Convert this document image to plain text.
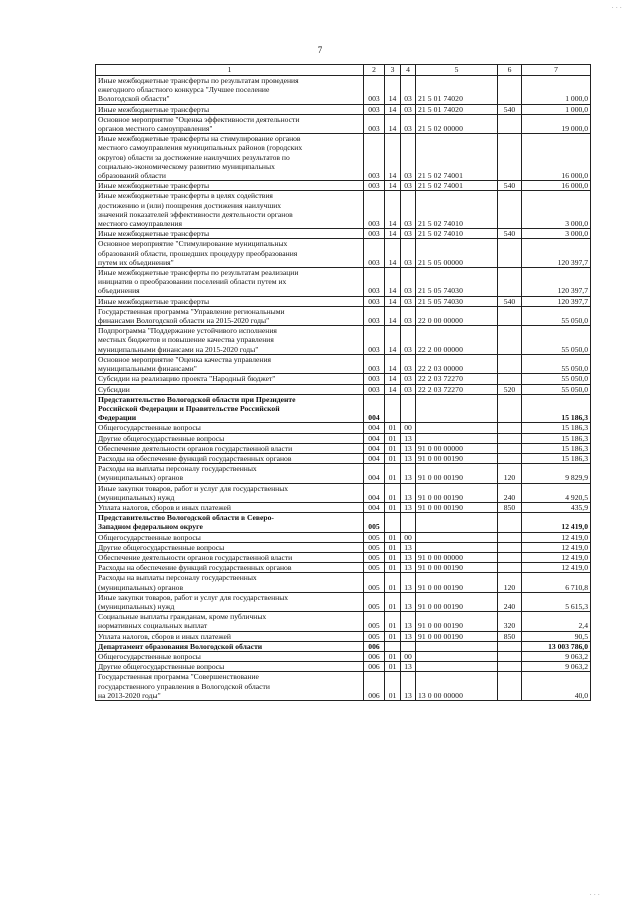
· · ·
7
1	2	3	4	5	6	7
Иные межбюджетные трансферты по результатам проведения
ежегодного областного конкурса "Лучшее поселение
Вологодской области"	003	14	03	21 5 01 74020		1 000,0
Иные межбюджетные трансферты	003	14	03	21 5 01 74020	540	1 000,0
Основное мероприятие "Оценка эффективности деятельности
органов местного самоуправления"	003	14	03	21 5 02 00000		19 000,0
Иные межбюджетные трансферты на стимулирование органов
местного самоуправления муниципальных районов (городских
округов) области за достижение наилучших результатов по
социально-экономическому развитию муниципальных
образований области	003	14	03	21 5 02 74001		16 000,0
Иные межбюджетные трансферты	003	14	03	21 5 02 74001	540	16 000,0
Иные межбюджетные трансферты в целях содействия
достижению и (или) поощрения достижения наилучших
значений показателей эффективности деятельности органов
местного самоуправления	003	14	03	21 5 02 74010		3 000,0
Иные межбюджетные трансферты	003	14	03	21 5 02 74010	540	3 000,0
Основное мероприятие "Стимулирование муниципальных
образований области, прошедших процедуру преобразования
путем их объединения"	003	14	03	21 5 05 00000		120 397,7
Иные межбюджетные трансферты по результатам реализации
инициатив о преобразовании поселений области путем их
объединения	003	14	03	21 5 05 74030		120 397,7
Иные межбюджетные трансферты	003	14	03	21 5 05 74030	540	120 397,7
Государственная программа "Управление региональными
финансами Вологодской области на 2015-2020 годы"	003	14	03	22 0 00 00000		55 050,0
Подпрограмма "Поддержание устойчивого исполнения
местных бюджетов и повышение качества управления
муниципальными финансами на 2015-2020 годы"	003	14	03	22 2 00 00000		55 050,0
Основное мероприятие "Оценка качества управления
муниципальными финансами"	003	14	03	22 2 03 00000		55 050,0
Субсидии на реализацию проекта "Народный бюджет"	003	14	03	22 2 03 72270		55 050,0
Субсидии	003	14	03	22 2 03 72270	520	55 050,0
Представительство Вологодской области при Президенте
Российской Федерации и Правительстве Российской
Федерации	004					15 186,3
Общегосударственные вопросы	004	01	00			15 186,3
Другие общегосударственные вопросы	004	01	13			15 186,3
Обеспечение деятельности органов государственной власти	004	01	13	91 0 00 00000		15 186,3
Расходы на обеспечение функций государственных органов	004	01	13	91 0 00 00190		15 186,3
Расходы на выплаты персоналу государственных
(муниципальных) органов	004	01	13	91 0 00 00190	120	9 829,9
Иные закупки товаров, работ и услуг для государственных
(муниципальных) нужд	004	01	13	91 0 00 00190	240	4 920,5
Уплата налогов, сборов и иных платежей	004	01	13	91 0 00 00190	850	435,9
Представительство Вологодской области в Северо-
Западном федеральном округе	005					12 419,0
Общегосударственные вопросы	005	01	00			12 419,0
Другие общегосударственные вопросы	005	01	13			12 419,0
Обеспечение деятельности органов государственной власти	005	01	13	91 0 00 00000		12 419,0
Расходы на обеспечение функций государственных органов	005	01	13	91 0 00 00190		12 419,0
Расходы на выплаты персоналу государственных
(муниципальных) органов	005	01	13	91 0 00 00190	120	6 710,8
Иные закупки товаров, работ и услуг для государственных
(муниципальных) нужд	005	01	13	91 0 00 00190	240	5 615,3
Социальные выплаты гражданам, кроме публичных
нормативных социальных выплат	005	01	13	91 0 00 00190	320	2,4
Уплата налогов, сборов и иных платежей	005	01	13	91 0 00 00190	850	90,5
Департамент образования Вологодской области	006					13 003 786,0
Общегосударственные вопросы	006	01	00			9 063,2
Другие общегосударственные вопросы	006	01	13			9 063,2
Государственная программа "Совершенствование
государственного управления в Вологодской области
на 2013-2020 годы"	006	01	13	13 0 00 00000		40,0
· · ·
